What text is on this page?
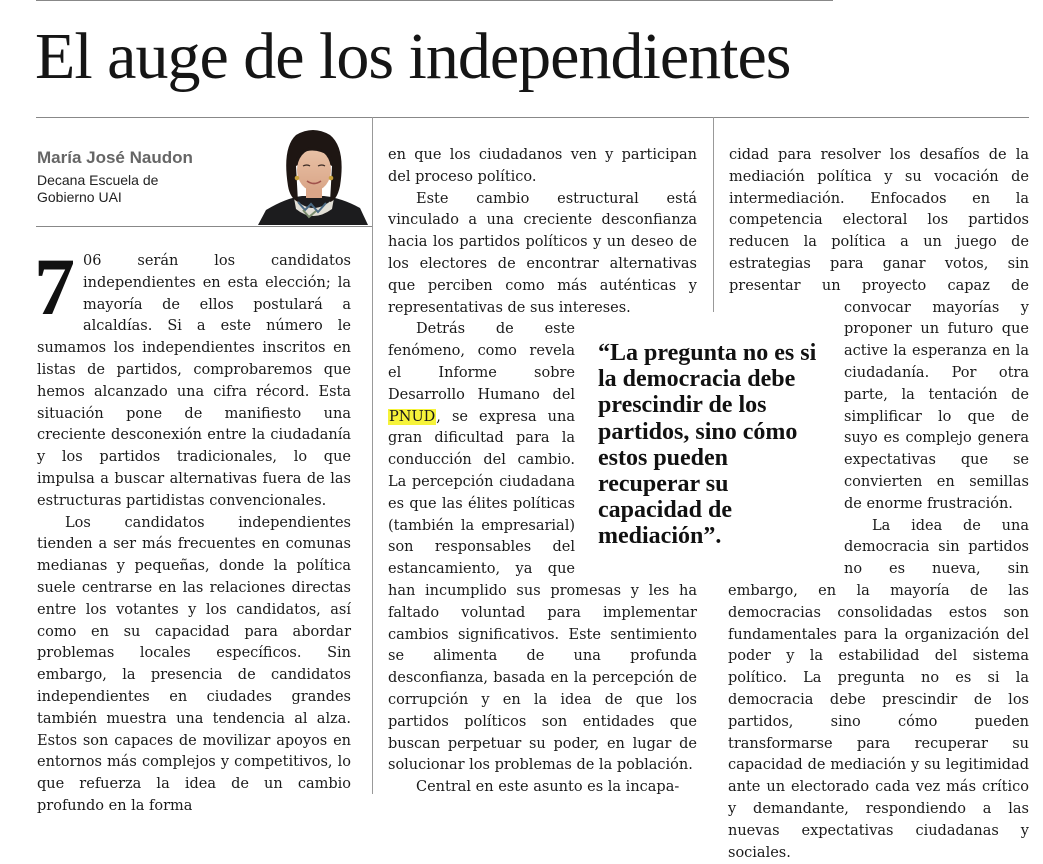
El auge de los independientes

María José Naudon

Decana Escuela de Gobierno UAI

7 06 serán los candidatos independientes en esta elección; la mayoría de ellos postulará a alcaldías. Si a este número le sumamos los independientes inscritos en listas de partidos, comprobaremos que hemos alcanzado una cifra récord. Esta situación pone de manifiesto una creciente desconexión entre la ciudadanía y los partidos tradicionales, lo que impulsa a buscar alternativas fuera de las estructuras partidistas convencionales.

Los candidatos independientes tienden a ser más frecuentes en comunas medianas y pequeñas, donde la política suele centrarse en las relaciones directas entre los votantes y los candidatos, así como en su capacidad para abordar problemas locales específicos. Sin embargo, la presencia de candidatos independientes en ciudades grandes también muestra una tendencia al alza. Estos son capaces de movilizar apoyos en entornos más complejos y competitivos, lo que refuerza la idea de un cambio profundo en la forma

en que los ciudadanos ven y participan del proceso político.

Este cambio estructural está vinculado a una creciente desconfianza hacia los partidos políticos y un deseo de los electores de encontrar alternativas que perciben como más auténticas y representativas de sus intereses.

Detrás de este fenómeno, como revela el Informe sobre Desarrollo Humano del PNUD, se expresa una gran dificultad para la conducción del cambio. La percepción ciudadana es que las élites políticas (también la empresarial) son responsables del estancamiento, ya que han incumplido sus promesas y les ha faltado voluntad para implementar cambios significativos. Este sentimiento se alimenta de una profunda desconfianza, basada en la percepción de corrupción y en la idea de que los partidos políticos son entidades que buscan perpetuar su poder, en lugar de solucionar los problemas de la población.

Central en este asunto es la incapa-

cidad para resolver los desafíos de la mediación política y su vocación de intermediación. Enfocados en la competencia electoral los partidos reducen la política a un juego de estrategias para ganar votos, sin presentar un proyecto capaz de convocar mayorías y proponer un futuro que active la esperanza en la ciudadanía. Por otra parte, la tentación de simplificar lo que de suyo es complejo genera expectativas que se convierten en semillas de enorme frustración.

La idea de una democracia sin partidos no es nueva, sin embargo, en la mayoría de las democracias consolidadas estos son fundamentales para la organización del poder y la estabilidad del sistema político. La pregunta no es si la democracia debe prescindir de los partidos, sino cómo pueden transformarse para recuperar su capacidad de mediación y su legitimidad ante un electorado cada vez más crítico y demandante, respondiendo a las nuevas expectativas ciudadanas y sociales.

“La pregunta no es si la democracia debe prescindir de los partidos, sino cómo estos pueden recuperar su capacidad de mediación”.
